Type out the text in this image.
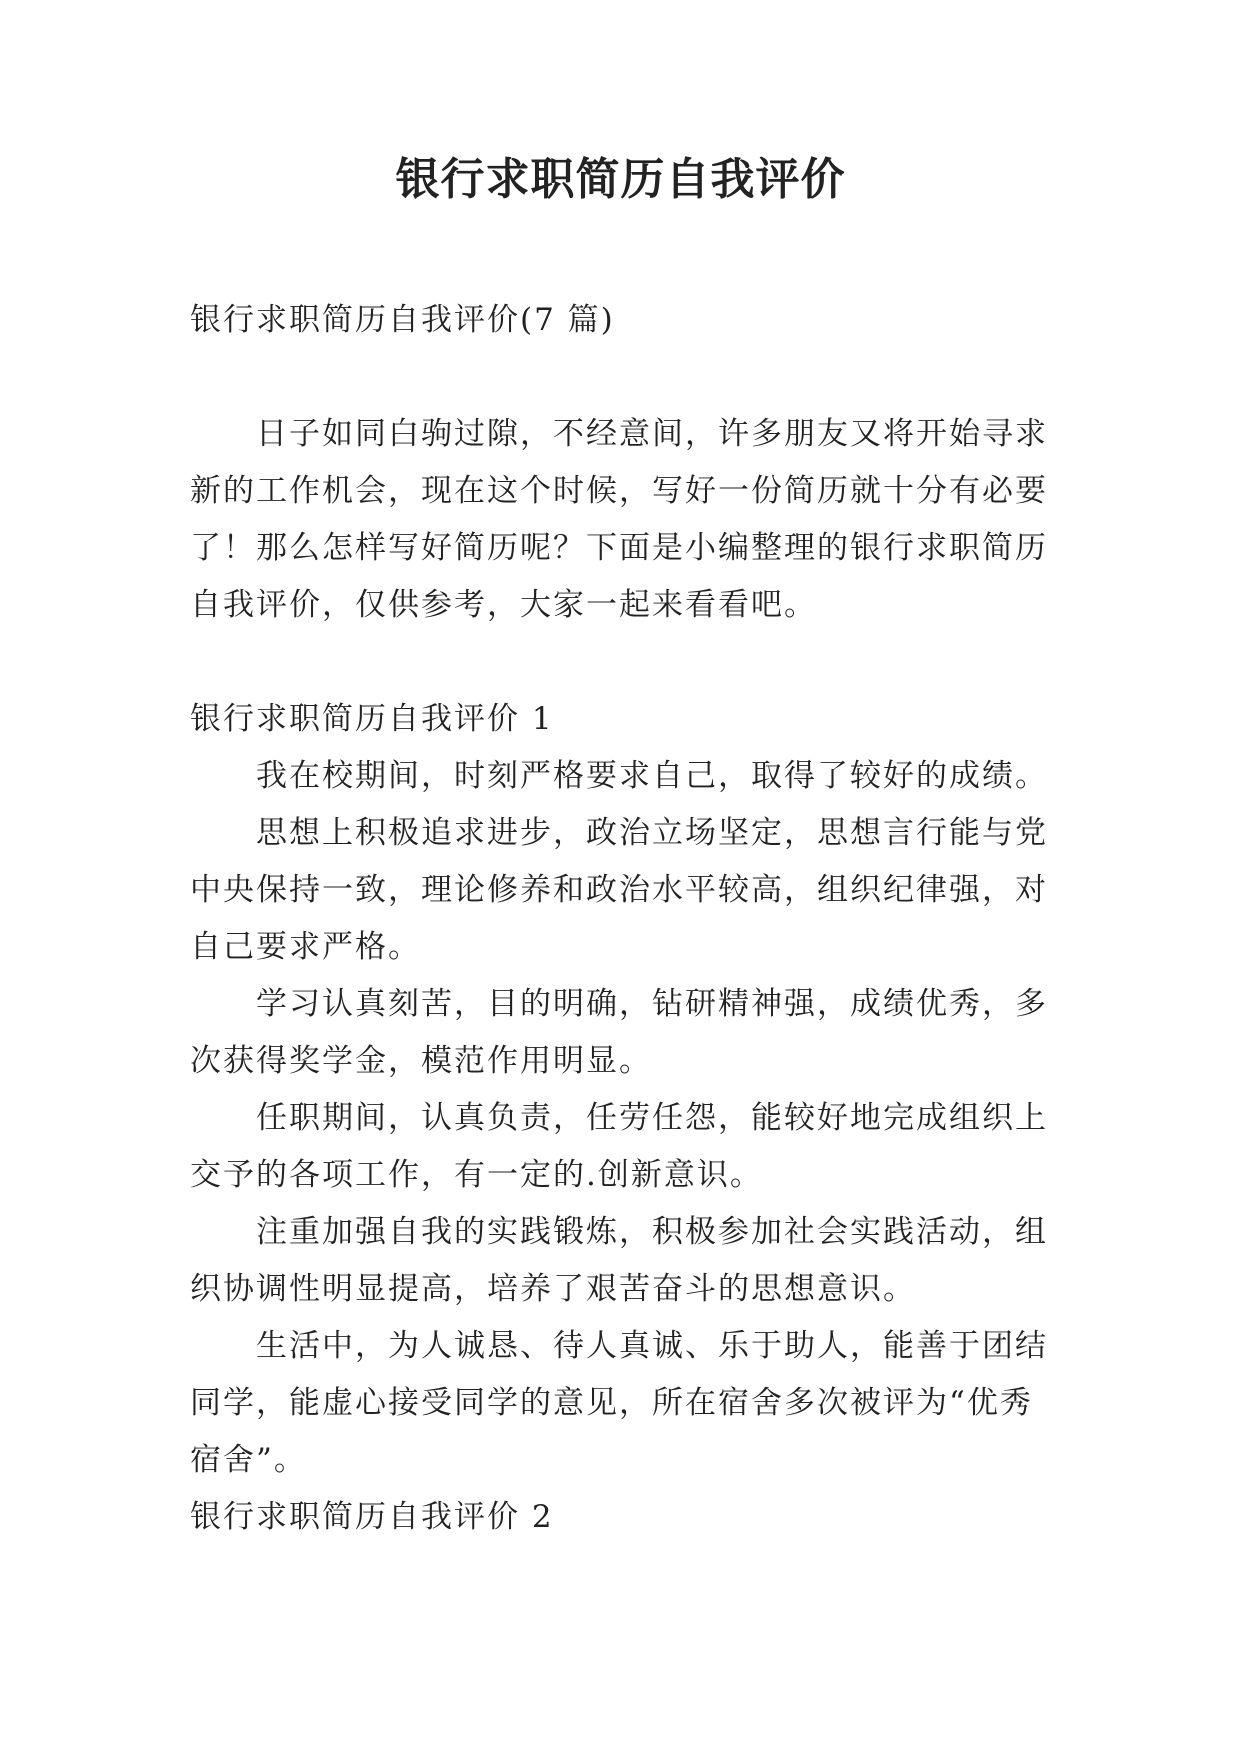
银行求职简历自我评价

银行求职简历自我评价(7 篇)

日子如同白驹过隙，不经意间，许多朋友又将开始寻求新的工作机会，现在这个时候，写好一份简历就十分有必要了！那么怎样写好简历呢？下面是小编整理的银行求职简历自我评价，仅供参考，大家一起来看看吧。

银行求职简历自我评价 1

我在校期间，时刻严格要求自己，取得了较好的成绩。

思想上积极追求进步，政治立场坚定，思想言行能与党中央保持一致，理论修养和政治水平较高，组织纪律强，对自己要求严格。

学习认真刻苦，目的明确，钻研精神强，成绩优秀，多次获得奖学金，模范作用明显。

任职期间，认真负责，任劳任怨，能较好地完成组织上交予的各项工作，有一定的.创新意识。

注重加强自我的实践锻炼，积极参加社会实践活动，组织协调性明显提高，培养了艰苦奋斗的思想意识。

生活中，为人诚恳、待人真诚、乐于助人，能善于团结同学，能虚心接受同学的意见，所在宿舍多次被评为“优秀宿舍”。

银行求职简历自我评价 2
